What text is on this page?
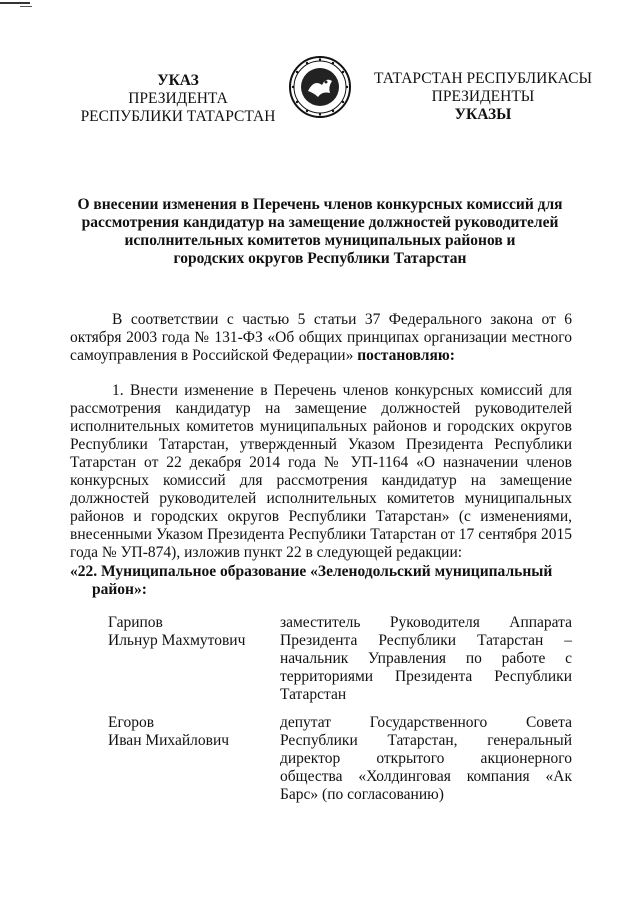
УКАЗ
ПРЕЗИДЕНТА
РЕСПУБЛИКИ ТАТАРСТАН
ТАТАРСТАН РЕСПУБЛИКАСЫ
ПРЕЗИДЕНТЫ
УКАЗЫ
О внесении изменения в Перечень членов конкурсных комиссий для
рассмотрения кандидатур на замещение должностей руководителей
исполнительных комитетов муниципальных районов и
городских округов Республики Татарстан
В соответствии с частью 5 статьи 37 Федерального закона от 6 октября 2003 года № 131-ФЗ «Об общих принципах организации местного самоуправления в Российской Федерации» постановляю:
1. Внести изменение в Перечень членов конкурсных комиссий для рассмотрения кандидатур на замещение должностей руководителей исполнительных комитетов муниципальных районов и городских округов Республики Татарстан, утвержденный Указом Президента Республики Татарстан от 22 декабря 2014 года № УП-1164 «О назначении членов конкурсных комиссий для рассмотрения кандидатур на замещение должностей руководителей исполнительных комитетов муниципальных районов и городских округов Республики Татарстан» (с изменениями, внесенными Указом Президента Республики Татарстан от 17 сентября 2015 года № УП-874), изложив пункт 22 в следующей редакции:
«22. Муниципальное образование «Зеленодольский муниципальный
район»:
Гарипов
Ильнур Махмутович
заместитель Руководителя Аппарата Президента Республики Татарстан – начальник Управления по работе с территориями Президента Республики Татарстан
Егоров
Иван Михайлович
депутат Государственного Совета Республики Татарстан, генеральный директор открытого акционерного общества «Холдинговая компания «Ак Барс» (по согласованию)
